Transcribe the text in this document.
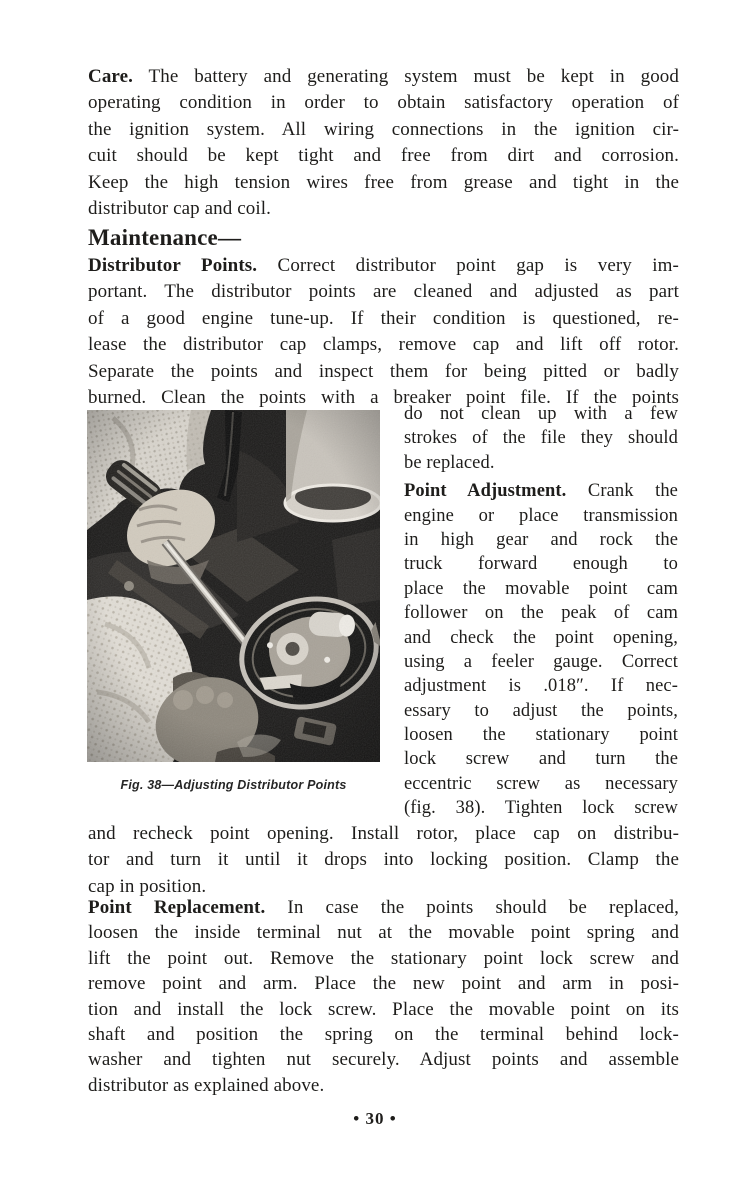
Care. The battery and generating system must be kept in good
operating condition in order to obtain satisfactory operation of
the ignition system. All wiring connections in the ignition cir-
cuit should be kept tight and free from dirt and corrosion.
Keep the high tension wires free from grease and tight in the
distributor cap and coil.
Maintenance—
Distributor Points. Correct distributor point gap is very im-
portant. The distributor points are cleaned and adjusted as part
of a good engine tune-up. If their condition is questioned, re-
lease the distributor cap clamps, remove cap and lift off rotor.
Separate the points and inspect them for being pitted or badly
burned. Clean the points with a breaker point file. If the points
Fig. 38—Adjusting Distributor Points
do not clean up with a few
strokes of the file they should
be replaced.
Point Adjustment. Crank the
engine or place transmission
in high gear and rock the
truck forward enough to
place the movable point cam
follower on the peak of cam
and check the point opening,
using a feeler gauge. Correct
adjustment is .018″. If nec-
essary to adjust the points,
loosen the stationary point
lock screw and turn the
eccentric screw as necessary
(fig. 38). Tighten lock screw
and recheck point opening. Install rotor, place cap on distribu-
tor and turn it until it drops into locking position. Clamp the
cap in position.
Point Replacement. In case the points should be replaced,
loosen the inside terminal nut at the movable point spring and
lift the point out. Remove the stationary point lock screw and
remove point and arm. Place the new point and arm in posi-
tion and install the lock screw. Place the movable point on its
shaft and position the spring on the terminal behind lock-
washer and tighten nut securely. Adjust points and assemble
distributor as explained above.
• 30 •
